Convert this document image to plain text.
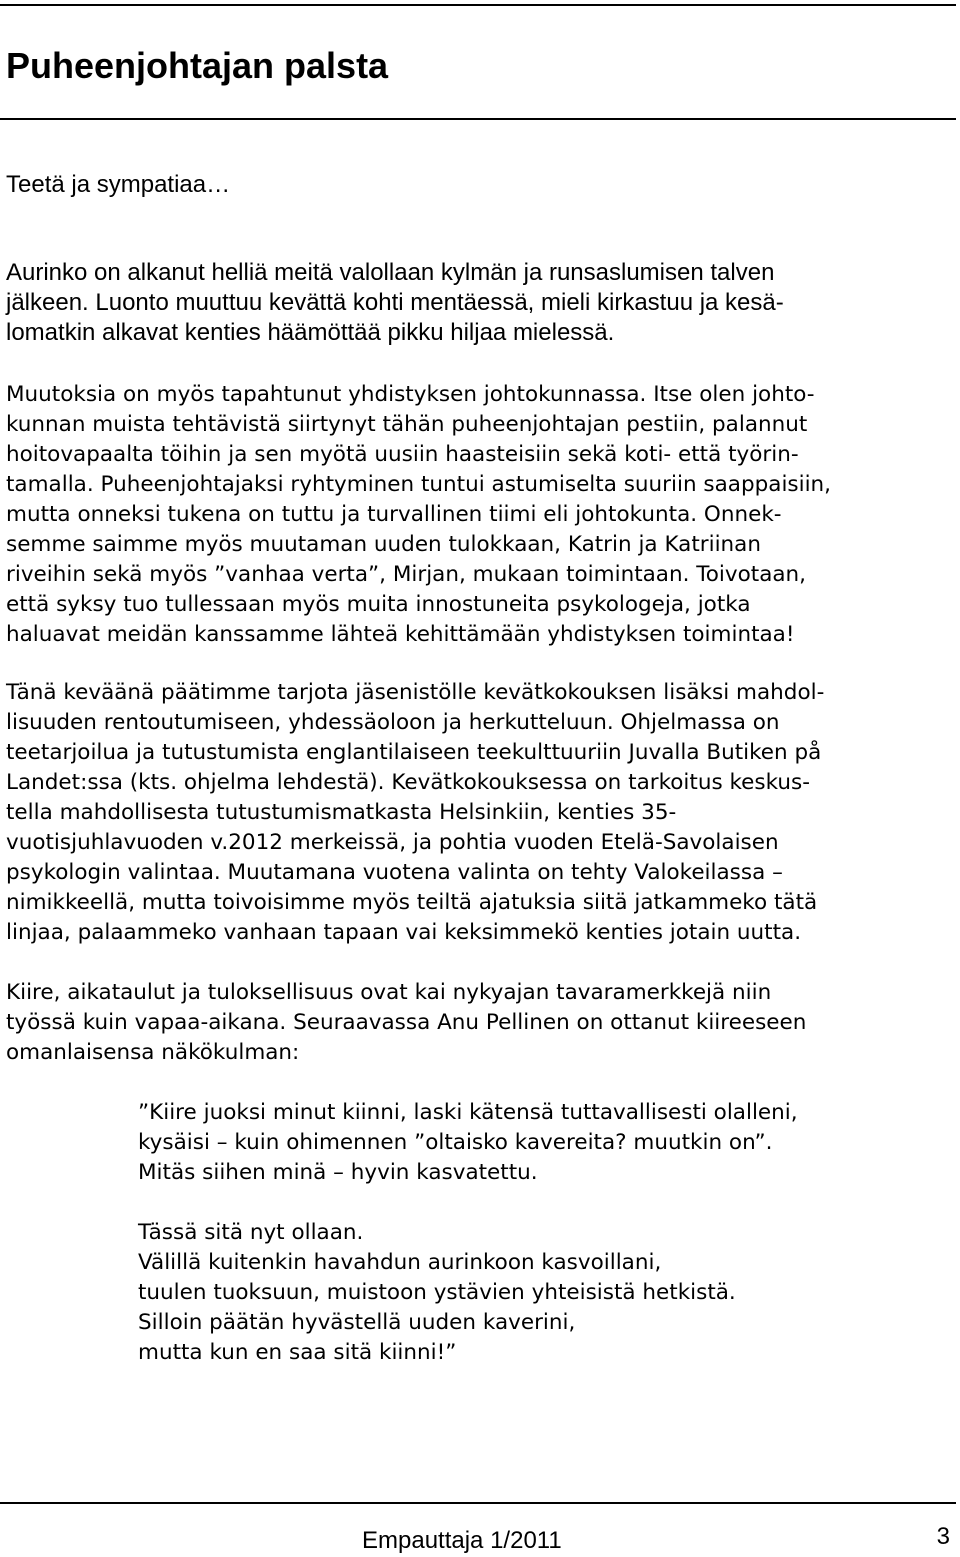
Puheenjohtajan palsta

Teetä ja sympatiaa…

Aurinko on alkanut helliä meitä valollaan kylmän ja runsaslumisen talven
jälkeen. Luonto muuttuu kevättä kohti mentäessä, mieli kirkastuu ja kesä-
lomatkin alkavat kenties häämöttää pikku hiljaa mielessä.

Muutoksia on myös tapahtunut yhdistyksen johtokunnassa. Itse olen johto-
kunnan muista tehtävistä siirtynyt tähän puheenjohtajan pestiin, palannut
hoitovapaalta töihin ja sen myötä uusiin haasteisiin sekä koti- että työrin-
tamalla. Puheenjohtajaksi ryhtyminen tuntui astumiselta suuriin saappaisiin,
mutta onneksi tukena on tuttu ja turvallinen tiimi eli johtokunta. Onnek-
semme saimme myös muutaman uuden tulokkaan, Katrin ja Katriinan
riveihin sekä myös ”vanhaa verta”, Mirjan, mukaan toimintaan. Toivotaan,
että syksy tuo tullessaan myös muita innostuneita psykologeja, jotka
haluavat meidän kanssamme lähteä kehittämään yhdistyksen toimintaa!

Tänä keväänä päätimme tarjota jäsenistölle kevätkokouksen lisäksi mahdol-
lisuuden rentoutumiseen, yhdessäoloon ja herkutteluun. Ohjelmassa on
teetarjoilua ja tutustumista englantilaiseen teekulttuuriin Juvalla Butiken på
Landet:ssa (kts. ohjelma lehdestä). Kevätkokouksessa on tarkoitus keskus-
tella mahdollisesta tutustumismatkasta Helsinkiin, kenties 35-
vuotisjuhlavuoden v.2012 merkeissä, ja pohtia vuoden Etelä-Savolaisen
psykologin valintaa. Muutamana vuotena valinta on tehty Valokeilassa –
nimikkeellä, mutta toivoisimme myös teiltä ajatuksia siitä jatkammeko tätä
linjaa, palaammeko vanhaan tapaan vai keksimmekö kenties jotain uutta.

Kiire, aikataulut ja tuloksellisuus ovat kai nykyajan tavaramerkkejä niin
työssä kuin vapaa-aikana. Seuraavassa Anu Pellinen on ottanut kiireeseen
omanlaisensa näkökulman:

”Kiire juoksi minut kiinni, laski kätensä tuttavallisesti olalleni,
kysäisi – kuin ohimennen ”oltaisko kavereita? muutkin on”.
Mitäs siihen minä – hyvin kasvatettu.

Tässä sitä nyt ollaan.
Välillä kuitenkin havahdun aurinkoon kasvoillani,
tuulen tuoksuun, muistoon ystävien yhteisistä hetkistä.
Silloin päätän hyvästellä uuden kaverini,
mutta kun en saa sitä kiinni!”

Empauttaja 1/2011	3
